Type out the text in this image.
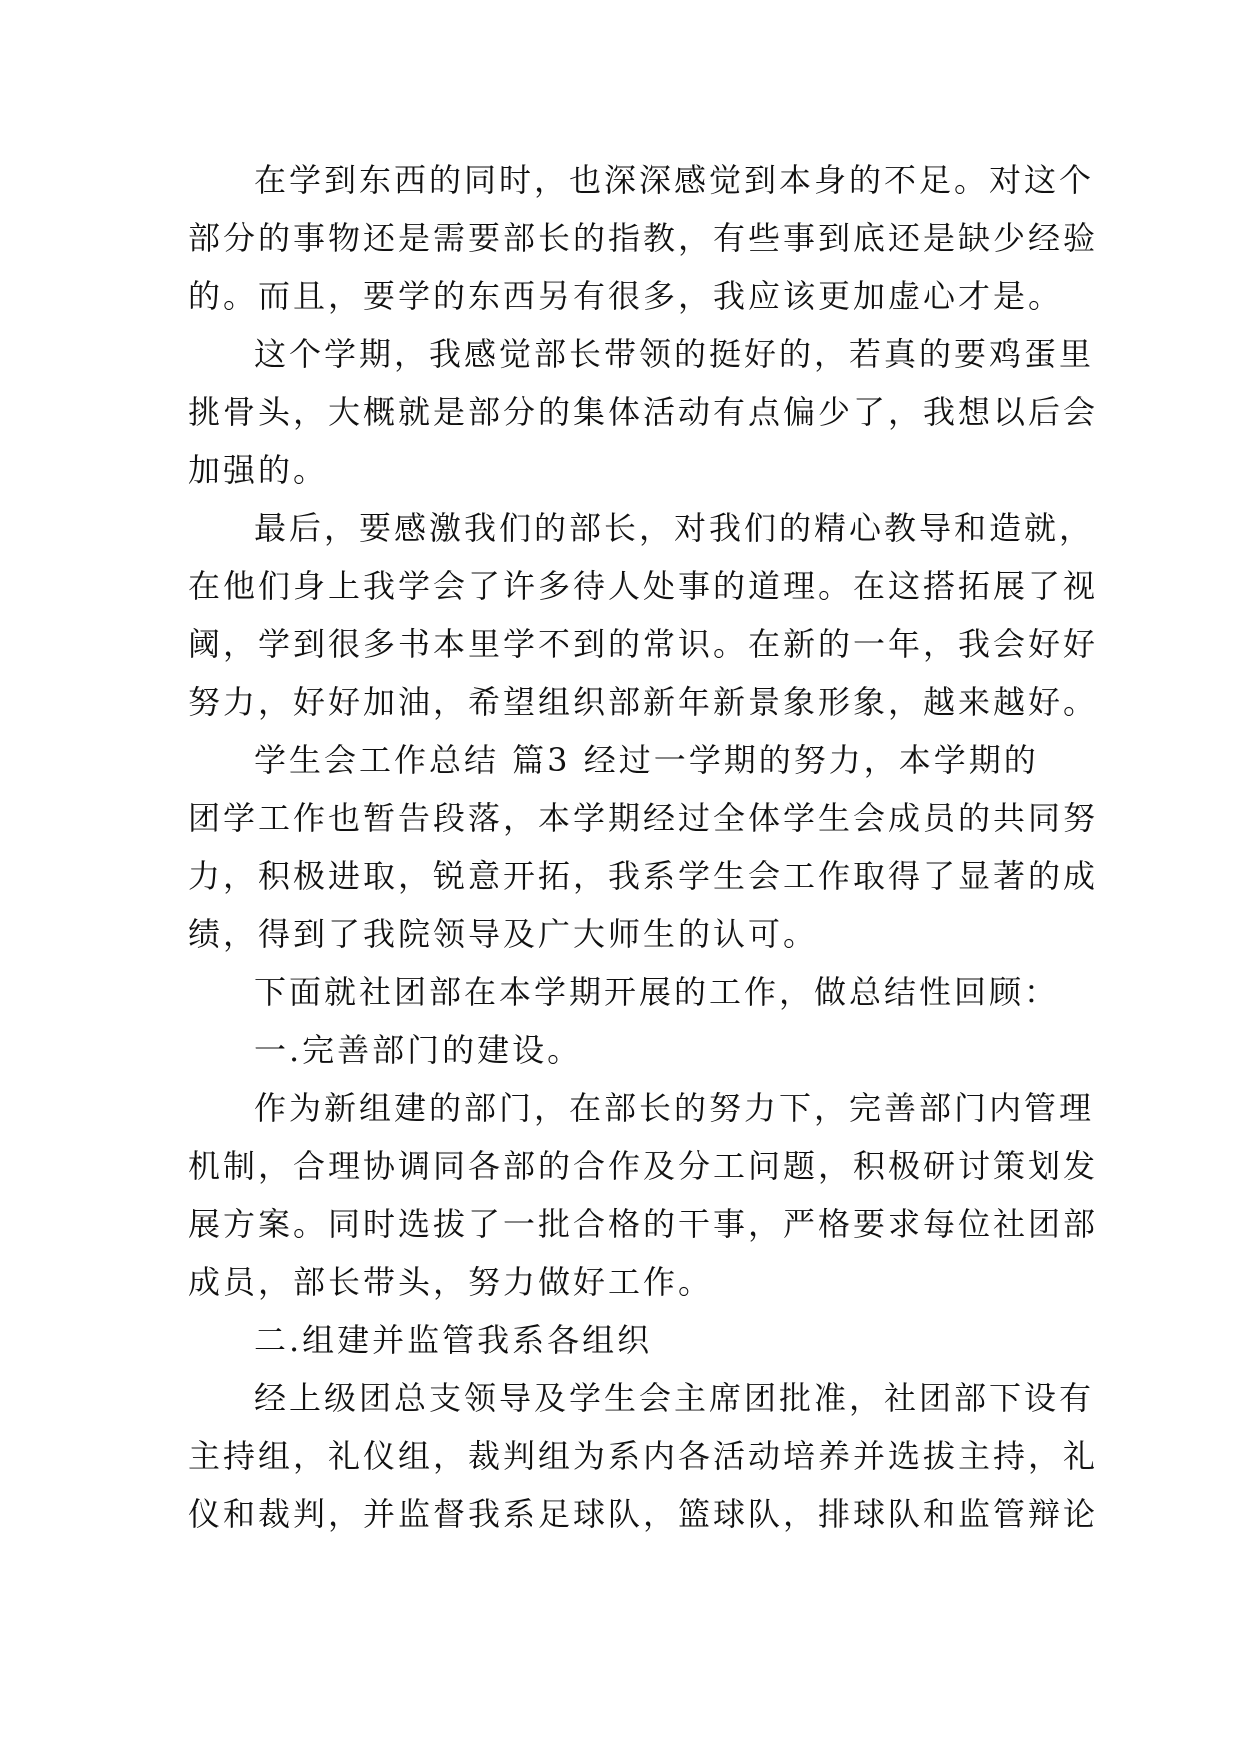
在学到东西的同时，也深深感觉到本身的不足。对这个
部分的事物还是需要部长的指教，有些事到底还是缺少经验
的。而且，要学的东西另有很多，我应该更加虚心才是。
这个学期，我感觉部长带领的挺好的，若真的要鸡蛋里
挑骨头，大概就是部分的集体活动有点偏少了，我想以后会
加强的。
最后，要感激我们的部长，对我们的精心教导和造就，
在他们身上我学会了许多待人处事的道理。在这搭拓展了视
阈，学到很多书本里学不到的常识。在新的一年，我会好好
努力，好好加油，希望组织部新年新景象形象，越来越好。
学生会工作总结 篇3 经过一学期的努力，本学期的
团学工作也暂告段落，本学期经过全体学生会成员的共同努
力，积极进取，锐意开拓，我系学生会工作取得了显著的成
绩，得到了我院领导及广大师生的认可。
下面就社团部在本学期开展的工作，做总结性回顾：
一.完善部门的建设。
作为新组建的部门，在部长的努力下，完善部门内管理
机制，合理协调同各部的合作及分工问题，积极研讨策划发
展方案。同时选拔了一批合格的干事，严格要求每位社团部
成员，部长带头，努力做好工作。
二.组建并监管我系各组织
经上级团总支领导及学生会主席团批准，社团部下设有
主持组，礼仪组，裁判组为系内各活动培养并选拔主持，礼
仪和裁判，并监督我系足球队，篮球队，排球队和监管辩论
